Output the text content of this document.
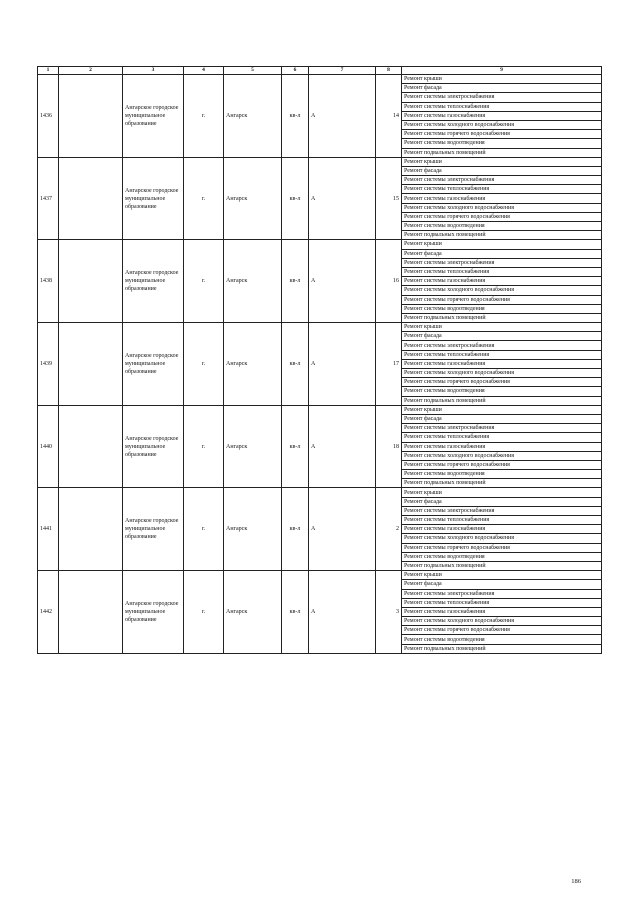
1	2	3	4	5	6	7	8	9
1436		Ангарское городское муниципальное образование	г.	Ангарск	кв-л	А	14	Ремонт крыши
								Ремонт фасада
								Ремонт системы электроснабжения
								Ремонт системы теплоснабжения
								Ремонт системы газоснабжения
								Ремонт системы холодного водоснабжения
								Ремонт системы горячего водоснабжения
								Ремонт системы водоотведения
								Ремонт подвальных помещений
1437		Ангарское городское муниципальное образование	г.	Ангарск	кв-л	А	15	Ремонт крыши
								Ремонт фасада
								Ремонт системы электроснабжения
								Ремонт системы теплоснабжения
								Ремонт системы газоснабжения
								Ремонт системы холодного водоснабжения
								Ремонт системы горячего водоснабжения
								Ремонт системы водоотведения
								Ремонт подвальных помещений
1438		Ангарское городское муниципальное образование	г.	Ангарск	кв-л	А	16	Ремонт крыши
								Ремонт фасада
								Ремонт системы электроснабжения
								Ремонт системы теплоснабжения
								Ремонт системы газоснабжения
								Ремонт системы холодного водоснабжения
								Ремонт системы горячего водоснабжения
								Ремонт системы водоотведения
								Ремонт подвальных помещений
1439		Ангарское городское муниципальное образование	г.	Ангарск	кв-л	А	17	Ремонт крыши
								Ремонт фасада
								Ремонт системы электроснабжения
								Ремонт системы теплоснабжения
								Ремонт системы газоснабжения
								Ремонт системы холодного водоснабжения
								Ремонт системы горячего водоснабжения
								Ремонт системы водоотведения
								Ремонт подвальных помещений
1440		Ангарское городское муниципальное образование	г.	Ангарск	кв-л	А	18	Ремонт крыши
								Ремонт фасада
								Ремонт системы электроснабжения
								Ремонт системы теплоснабжения
								Ремонт системы газоснабжения
								Ремонт системы холодного водоснабжения
								Ремонт системы горячего водоснабжения
								Ремонт системы водоотведения
								Ремонт подвальных помещений
1441		Ангарское городское муниципальное образование	г.	Ангарск	кв-л	А	2	Ремонт крыши
								Ремонт фасада
								Ремонт системы электроснабжения
								Ремонт системы теплоснабжения
								Ремонт системы газоснабжения
								Ремонт системы холодного водоснабжения
								Ремонт системы горячего водоснабжения
								Ремонт системы водоотведения
								Ремонт подвальных помещений
1442		Ангарское городское муниципальное образование	г.	Ангарск	кв-л	А	3	Ремонт крыши
								Ремонт фасада
								Ремонт системы электроснабжения
								Ремонт системы теплоснабжения
								Ремонт системы газоснабжения
								Ремонт системы холодного водоснабжения
								Ремонт системы горячего водоснабжения
								Ремонт системы водоотведения
								Ремонт подвальных помещений
186
